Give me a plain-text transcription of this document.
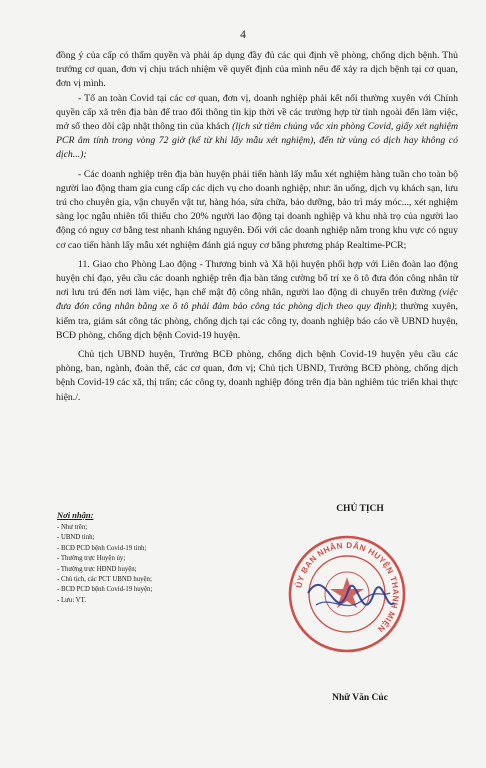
4

đồng ý của cấp có thẩm quyền và phải áp dụng đầy đủ các qui định về phòng, chống dịch bệnh. Thủ trưởng cơ quan, đơn vị chịu trách nhiệm về quyết định của mình nếu để xảy ra dịch bệnh tại cơ quan, đơn vị mình.

- Tổ an toàn Covid tại các cơ quan, đơn vị, doanh nghiệp phải kết nối thường xuyên với Chính quyền cấp xã trên địa bàn để trao đổi thông tin kịp thời về các trường hợp từ tỉnh ngoài đến làm việc, mở sổ theo dõi cập nhật thông tin của khách (lịch sử tiêm chủng vắc xin phòng Covid, giấy xét nghiệm PCR âm tính trong vòng 72 giờ (kể từ khi lấy mẫu xét nghiệm), đến từ vùng có dịch hay không có dịch...);

- Các doanh nghiệp trên địa bàn huyện phải tiến hành lấy mẫu xét nghiệm hàng tuần cho toàn bộ người lao động tham gia cung cấp các dịch vụ cho doanh nghiệp, như: ăn uống, dịch vụ khách sạn, lưu trú cho chuyên gia, vận chuyển vật tư, hàng hóa, sửa chữa, bảo dưỡng, bảo trì máy móc..., xét nghiệm sàng lọc ngẫu nhiên tối thiểu cho 20% người lao động tại doanh nghiệp và khu nhà trọ của người lao động có nguy cơ bằng test nhanh kháng nguyên. Đối với các doanh nghiệp nằm trong khu vực có nguy cơ cao tiến hành lấy mẫu xét nghiệm đánh giá nguy cơ bằng phương pháp Realtime-PCR;

11. Giao cho Phòng Lao động - Thương binh và Xã hội huyện phối hợp với Liên đoàn lao động huyện chỉ đạo, yêu cầu các doanh nghiệp trên địa bàn tăng cường bố trí xe ô tô đưa đón công nhân từ nơi lưu trú đến nơi làm việc, hạn chế mật độ công nhân, người lao động di chuyển trên đường (việc đưa đón công nhân bằng xe ô tô phải đảm bảo công tác phòng dịch theo quy định); thường xuyên, kiểm tra, giám sát công tác phòng, chống dịch tại các công ty, doanh nghiệp báo cáo về UBND huyện, BCĐ phòng, chống dịch bệnh Covid-19 huyện.

Chủ tịch UBND huyện, Trưởng BCĐ phòng, chống dịch bệnh Covid-19 huyện yêu cầu các phòng, ban, ngành, đoàn thể, các cơ quan, đơn vị; Chủ tịch UBND, Trưởng BCĐ phòng, chống dịch bệnh Covid-19 các xã, thị trấn; các công ty, doanh nghiệp đóng trên địa bàn nghiêm túc triển khai thực hiện./.

Nơi nhận:
- Như trên;
- UBND tỉnh;
- BCĐ PCD bệnh Covid-19 tỉnh;
- Thường trực Huyện ủy;
- Thường trực HĐND huyện;
- Chủ tịch, các PCT UBND huyện;
- BCĐ PCD bệnh Covid-19 huyện;
- Lưu: VT.
CHỦ TỊCH
ỦY BAN NHÂN DÂN HUYỆN THANH MIỆN
Nhữ Văn Cúc
